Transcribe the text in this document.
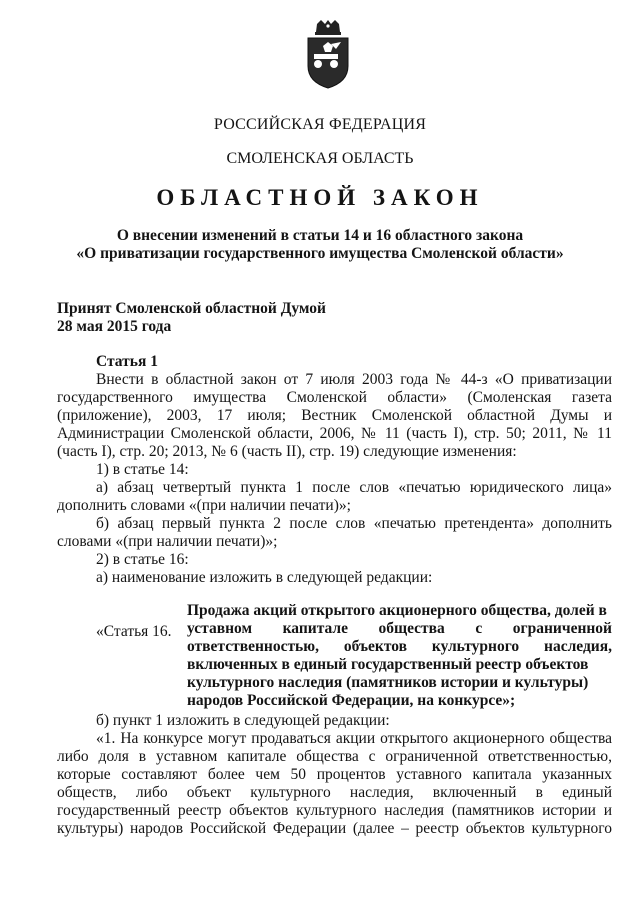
РОССИЙСКАЯ ФЕДЕРАЦИЯ
СМОЛЕНСКАЯ ОБЛАСТЬ
ОБЛАСТНОЙ ЗАКОН
О внесении изменений в статьи 14 и 16 областного закона
«О приватизации государственного имущества Смоленской области»
Принят Смоленской областной Думой
28 мая 2015 года
Статья 1
Внести в областной закон от 7 июля 2003 года № 44-з «О приватизации
государственного имущества Смоленской области» (Смоленская газета
(приложение), 2003, 17 июля; Вестник Смоленской областной Думы и
Администрации Смоленской области, 2006, № 11 (часть I), стр. 50; 2011, № 11
(часть I), стр. 20; 2013, № 6 (часть II), стр. 19) следующие изменения:
1) в статье 14:
а) абзац четвертый пункта 1 после слов «печатью юридического лица»
дополнить словами «(при наличии печати)»;
б) абзац первый пункта 2 после слов «печатью претендента» дополнить
словами «(при наличии печати)»;
2) в статье 16:
а) наименование изложить в следующей редакции:
«Статья 16.
Продажа акций открытого акционерного общества, долей в
уставном капитале общества с ограниченной
ответственностью, объектов культурного наследия,
включенных в единый государственный реестр объектов
культурного наследия (памятников истории и культуры)
народов Российской Федерации, на конкурсе»;
б) пункт 1 изложить в следующей редакции:
«1. На конкурсе могут продаваться акции открытого акционерного общества
либо доля в уставном капитале общества с ограниченной ответственностью,
которые составляют более чем 50 процентов уставного капитала указанных
обществ, либо объект культурного наследия, включенный в единый
государственный реестр объектов культурного наследия (памятников истории и
культуры) народов Российской Федерации (далее – реестр объектов культурного
